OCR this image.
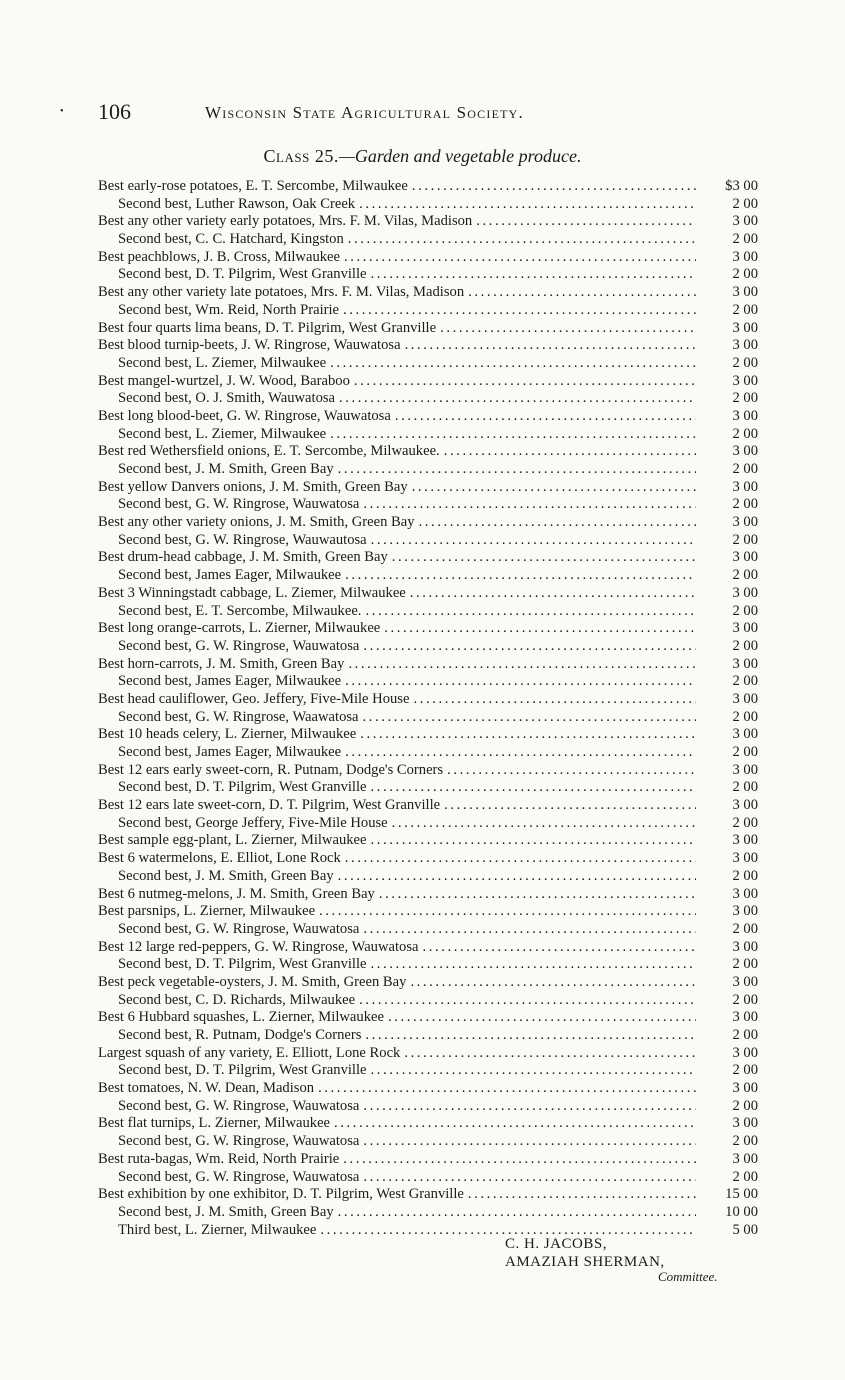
• 106	Wisconsin State Agricultural Society.
Class 25.—Garden and vegetable produce.
Best early-rose potatoes, E. T. Sercombe, Milwaukee .....	$3 00
Second best, Luther Rawson, Oak Creek .....	2 00
Best any other variety early potatoes, Mrs. F. M. Vilas, Madison .....	3 00
Second best, C. C. Hatchard, Kingston .....	2 00
Best peachblows, J. B. Cross, Milwaukee .....	3 00
Second best, D. T. Pilgrim, West Granville .....	2 00
Best any other variety late potatoes, Mrs. F. M. Vilas, Madison .....	3 00
Second best, Wm. Reid, North Prairie .....	2 00
Best four quarts lima beans, D. T. Pilgrim, West Granville .....	3 00
Best blood turnip-beets, J. W. Ringrose, Wauwatosa .....	3 00
Second best, L. Ziemer, Milwaukee .....	2 00
Best mangel-wurtzel, J. W. Wood, Baraboo .....	3 00
Second best, O. J. Smith, Wauwatosa .....	2 00
Best long blood-beet, G. W. Ringrose, Wauwatosa .....	3 00
Second best, L. Ziemer, Milwaukee .....	2 00
Best red Wethersfield onions, E. T. Sercombe, Milwaukee. .....	3 00
Second best, J. M. Smith, Green Bay .....	2 00
Best yellow Danvers onions, J. M. Smith, Green Bay .....	3 00
Second best, G. W. Ringrose, Wauwatosa .....	2 00
Best any other variety onions, J. M. Smith, Green Bay .....	3 00
Second best, G. W. Ringrose, Wauwautosa .....	2 00
Best drum-head cabbage, J. M. Smith, Green Bay .....	3 00
Second best, James Eager, Milwaukee .....	2 00
Best 3 Winningstadt cabbage, L. Ziemer, Milwaukee .....	3 00
Second best, E. T. Sercombe, Milwaukee. .....	2 00
Best long orange-carrots, L. Zierner, Milwaukee .....	3 00
Second best, G. W. Ringrose, Wauwatosa .....	2 00
Best horn-carrots, J. M. Smith, Green Bay .....	3 00
Second best, James Eager, Milwaukee .....	2 00
Best head cauliflower, Geo. Jeffery, Five-Mile House .....	3 00
Second best, G. W. Ringrose, Waawatosa .....	2 00
Best 10 heads celery, L. Zierner, Milwaukee .....	3 00
Second best, James Eager, Milwaukee .....	2 00
Best 12 ears early sweet-corn, R. Putnam, Dodge's Corners .....	3 00
Second best, D. T. Pilgrim, West Granville .....	2 00
Best 12 ears late sweet-corn, D. T. Pilgrim, West Granville .....	3 00
Second best, George Jeffery, Five-Mile House .....	2 00
Best sample egg-plant, L. Zierner, Milwaukee .....	3 00
Best 6 watermelons, E. Elliot, Lone Rock .....	3 00
Second best, J. M. Smith, Green Bay .....	2 00
Best 6 nutmeg-melons, J. M. Smith, Green Bay .....	3 00
Best parsnips, L. Zierner, Milwaukee .....	3 00
Second best, G. W. Ringrose, Wauwatosa .....	2 00
Best 12 large red-peppers, G. W. Ringrose, Wauwatosa .....	3 00
Second best, D. T. Pilgrim, West Granville .....	2 00
Best peck vegetable-oysters, J. M. Smith, Green Bay .....	3 00
Second best, C. D. Richards, Milwaukee .....	2 00
Best 6 Hubbard squashes, L. Zierner, Milwaukee .....	3 00
Second best, R. Putnam, Dodge's Corners .....	2 00
Largest squash of any variety, E. Elliott, Lone Rock .....	3 00
Second best, D. T. Pilgrim, West Granville .....	2 00
Best tomatoes, N. W. Dean, Madison .....	3 00
Second best, G. W. Ringrose, Wauwatosa .....	2 00
Best flat turnips, L. Zierner, Milwaukee .....	3 00
Second best, G. W. Ringrose, Wauwatosa .....	2 00
Best ruta-bagas, Wm. Reid, North Prairie .....	3 00
Second best, G. W. Ringrose, Wauwatosa .....	2 00
Best exhibition by one exhibitor, D. T. Pilgrim, West Granville .....	15 00
Second best, J. M. Smith, Green Bay .....	10 00
Third best, L. Zierner, Milwaukee .....	5 00
C. H. JACOBS,
AMAZIAH SHERMAN,
Committee.
